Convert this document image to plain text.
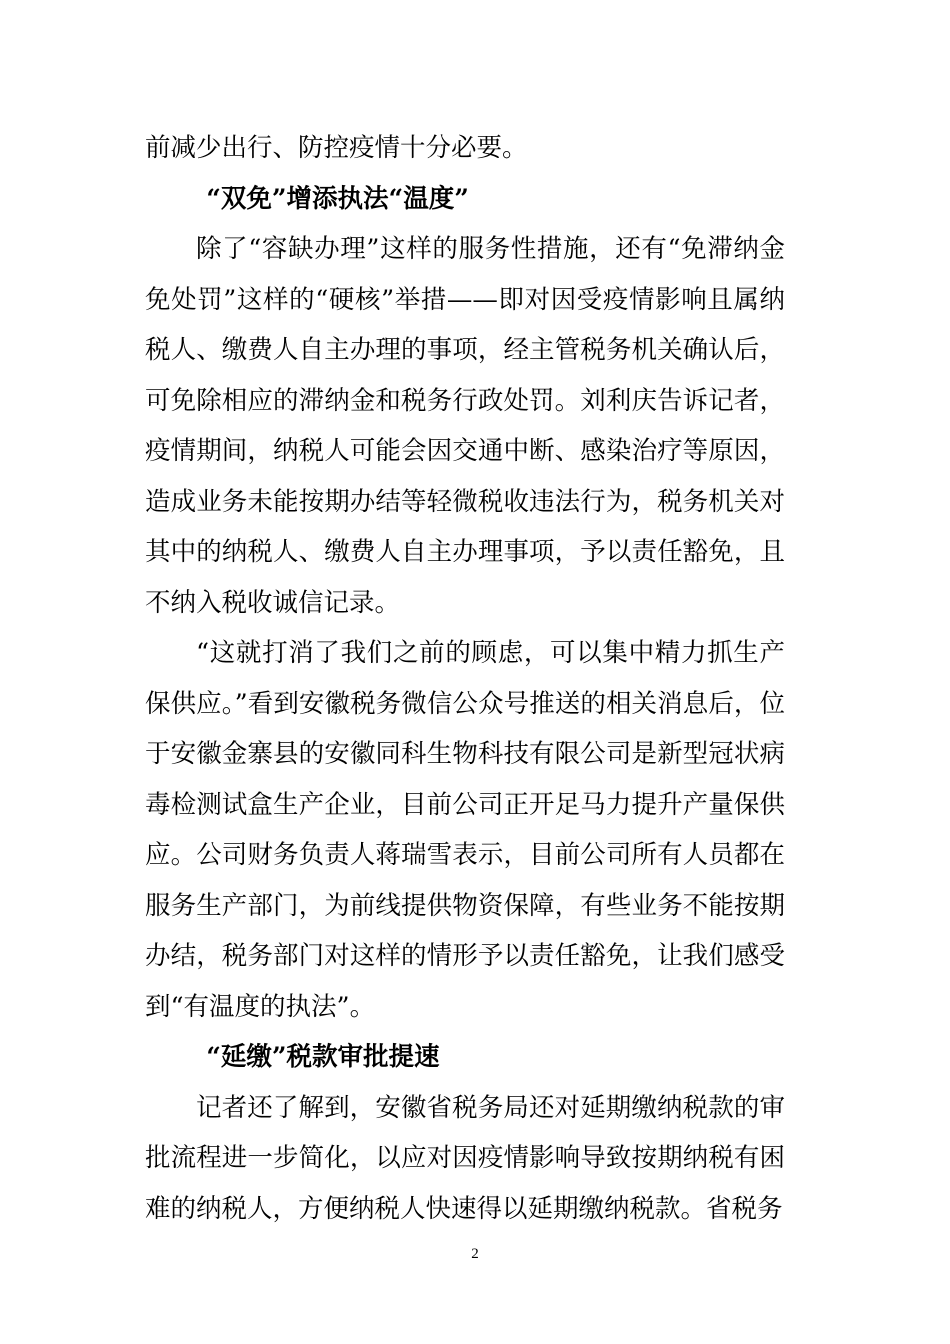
前减少出行、防控疫情十分必要。

“双免”增添执法“温度”

除了“容缺办理”这样的服务性措施，还有“免滞纳金免处罚”这样的“硬核”举措——即对因受疫情影响且属纳税人、缴费人自主办理的事项，经主管税务机关确认后，可免除相应的滞纳金和税务行政处罚。刘利庆告诉记者，疫情期间，纳税人可能会因交通中断、感染治疗等原因，造成业务未能按期办结等轻微税收违法行为，税务机关对其中的纳税人、缴费人自主办理事项，予以责任豁免，且不纳入税收诚信记录。

“这就打消了我们之前的顾虑，可以集中精力抓生产保供应。”看到安徽税务微信公众号推送的相关消息后，位于安徽金寨县的安徽同科生物科技有限公司是新型冠状病毒检测试盒生产企业，目前公司正开足马力提升产量保供应。公司财务负责人蒋瑞雪表示，目前公司所有人员都在服务生产部门，为前线提供物资保障，有些业务不能按期办结，税务部门对这样的情形予以责任豁免，让我们感受到“有温度的执法”。

“延缴”税款审批提速

记者还了解到，安徽省税务局还对延期缴纳税款的审批流程进一步简化，以应对因疫情影响导致按期纳税有困难的纳税人，方便纳税人快速得以延期缴纳税款。省税务

2
